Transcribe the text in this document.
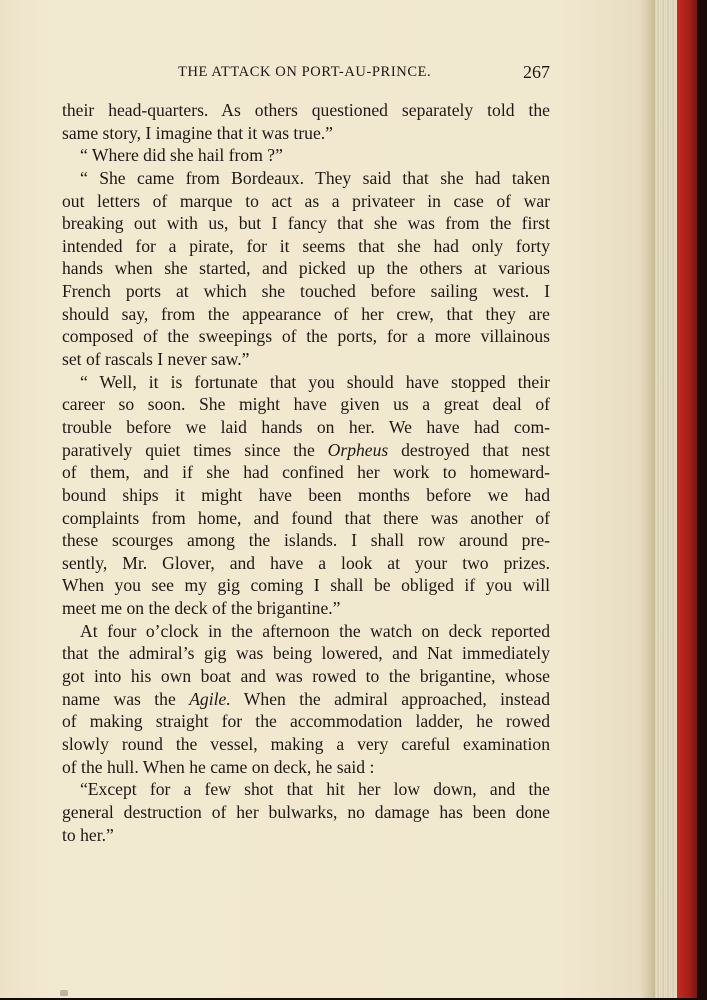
THE ATTACK ON PORT-AU-PRINCE.	267
their head-quarters. As others questioned separately told the
same story, I imagine that it was true.”
“ Where did she hail from ?”
“ She came from Bordeaux. They said that she had taken
out letters of marque to act as a privateer in case of war
breaking out with us, but I fancy that she was from the first
intended for a pirate, for it seems that she had only forty
hands when she started, and picked up the others at various
French ports at which she touched before sailing west. I
should say, from the appearance of her crew, that they are
composed of the sweepings of the ports, for a more villainous
set of rascals I never saw.”
“ Well, it is fortunate that you should have stopped their
career so soon. She might have given us a great deal of
trouble before we laid hands on her. We have had com-
paratively quiet times since the Orpheus destroyed that nest
of them, and if she had confined her work to homeward-
bound ships it might have been months before we had
complaints from home, and found that there was another of
these scourges among the islands. I shall row around pre-
sently, Mr. Glover, and have a look at your two prizes.
When you see my gig coming I shall be obliged if you will
meet me on the deck of the brigantine.”
At four o’clock in the afternoon the watch on deck reported
that the admiral’s gig was being lowered, and Nat immediately
got into his own boat and was rowed to the brigantine, whose
name was the Agile. When the admiral approached, instead
of making straight for the accommodation ladder, he rowed
slowly round the vessel, making a very careful examination
of the hull. When he came on deck, he said :
“Except for a few shot that hit her low down, and the
general destruction of her bulwarks, no damage has been done
to her.”
